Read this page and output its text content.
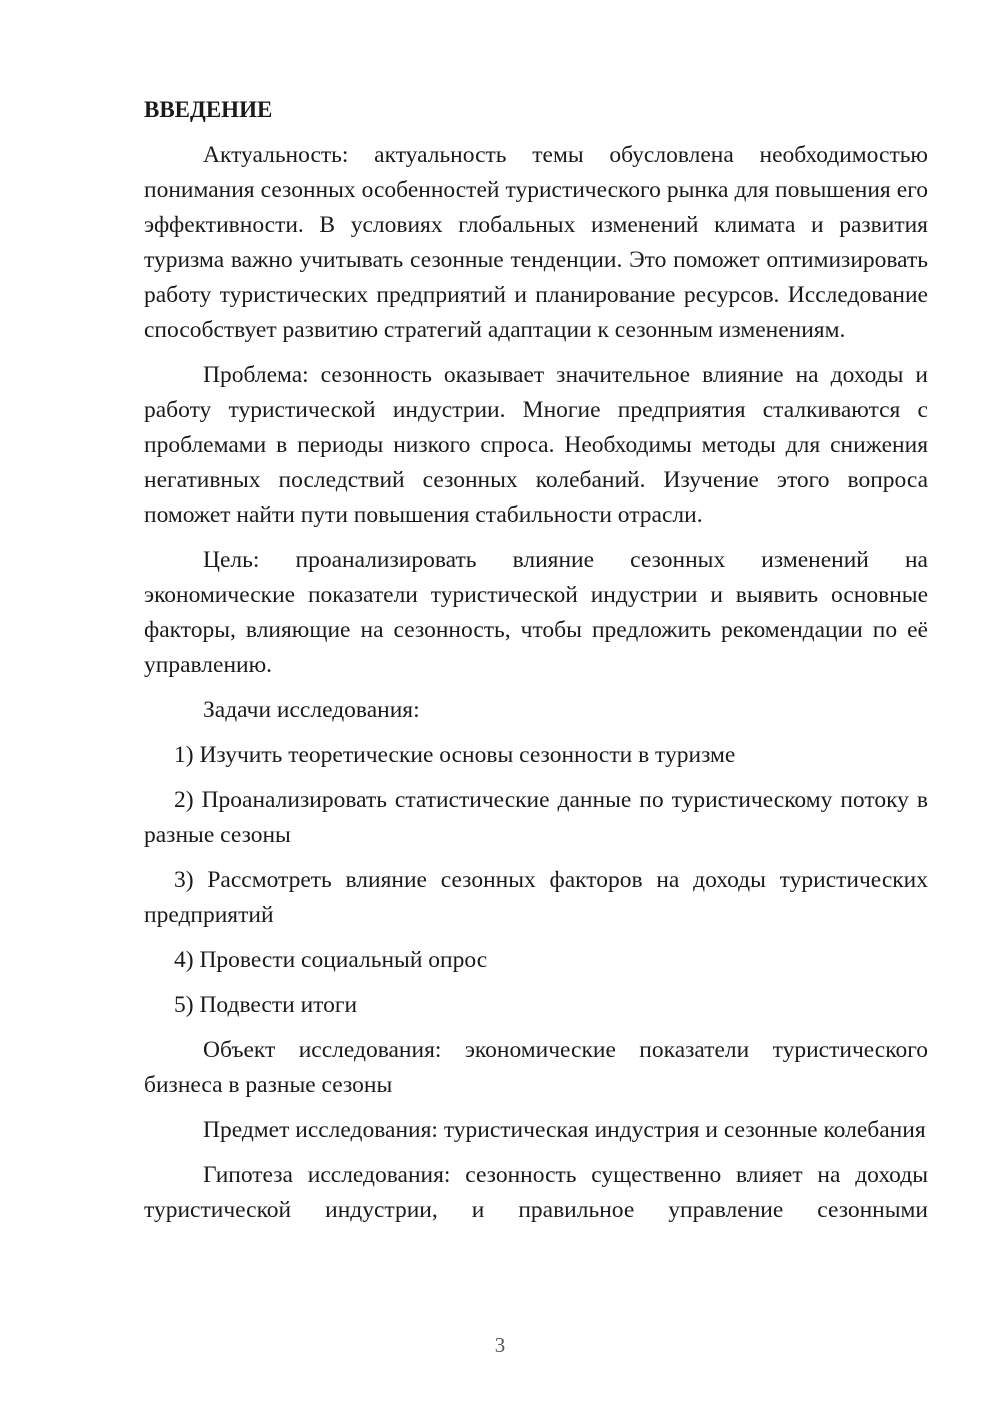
ВВЕДЕНИЕ

Актуальность: актуальность темы обусловлена необходимостью понимания сезонных особенностей туристического рынка для повышения его эффективности. В условиях глобальных изменений климата и развития туризма важно учитывать сезонные тенденции. Это поможет оптимизировать работу туристических предприятий и планирование ресурсов. Исследование способствует развитию стратегий адаптации к сезонным изменениям.

Проблема: сезонность оказывает значительное влияние на доходы и работу туристической индустрии. Многие предприятия сталкиваются с проблемами в периоды низкого спроса. Необходимы методы для снижения негативных последствий сезонных колебаний. Изучение этого вопроса поможет найти пути повышения стабильности отрасли.

Цель: проанализировать влияние сезонных изменений на экономические показатели туристической индустрии и выявить основные факторы, влияющие на сезонность, чтобы предложить рекомендации по её управлению.

Задачи исследования:

1) Изучить теоретические основы сезонности в туризме

2) Проанализировать статистические данные по туристическому потоку в разные сезоны

3) Рассмотреть влияние сезонных факторов на доходы туристических предприятий

4) Провести социальный опрос

5) Подвести итоги

Объект исследования: экономические показатели туристического бизнеса в разные сезоны

Предмет исследования: туристическая индустрия и сезонные колебания

Гипотеза исследования: сезонность существенно влияет на доходы туристической индустрии, и правильное управление сезонными

3
